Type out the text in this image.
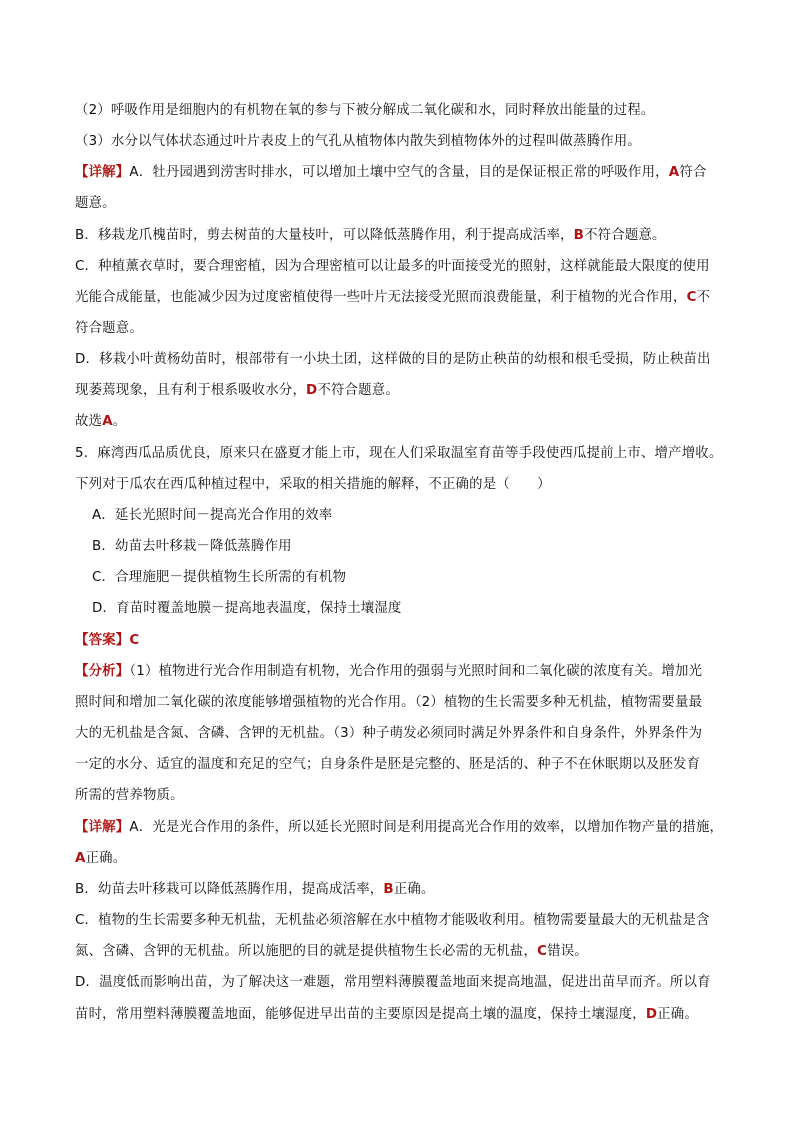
（2）呼吸作用是细胞内的有机物在氧的参与下被分解成二氧化碳和水，同时释放出能量的过程。
（3）水分以气体状态通过叶片表皮上的气孔从植物体内散失到植物体外的过程叫做蒸腾作用。
【详解】A．牡丹园遇到涝害时排水，可以增加土壤中空气的含量，目的是保证根正常的呼吸作用，A符合
题意。
B．移栽龙爪槐苗时，剪去树苗的大量枝叶，可以降低蒸腾作用，利于提高成活率，B不符合题意。
C．种植薰衣草时，要合理密植，因为合理密植可以让最多的叶面接受光的照射，这样就能最大限度的使用
光能合成能量，也能减少因为过度密植使得一些叶片无法接受光照而浪费能量，利于植物的光合作用，C不
符合题意。
D．移栽小叶黄杨幼苗时，根部带有一小块土团，这样做的目的是防止秧苗的幼根和根毛受损，防止秧苗出
现萎蔫现象，且有利于根系吸收水分，D不符合题意。
故选A。
5．麻湾西瓜品质优良，原来只在盛夏才能上市，现在人们采取温室育苗等手段使西瓜提前上市、增产增收。
下列对于瓜农在西瓜种植过程中，采取的相关措施的解释，不正确的是（　　）
A．延长光照时间－提高光合作用的效率
B．幼苗去叶移栽－降低蒸腾作用
C．合理施肥－提供植物生长所需的有机物
D．育苗时覆盖地膜－提高地表温度，保持土壤湿度
【答案】C
【分析】（1）植物进行光合作用制造有机物，光合作用的强弱与光照时间和二氧化碳的浓度有关。增加光
照时间和增加二氧化碳的浓度能够增强植物的光合作用。（2）植物的生长需要多种无机盐，植物需要量最
大的无机盐是含氮、含磷、含钾的无机盐。（3）种子萌发必须同时满足外界条件和自身条件，外界条件为
一定的水分、适宜的温度和充足的空气；自身条件是胚是完整的、胚是活的、种子不在休眠期以及胚发育
所需的营养物质。
【详解】A．光是光合作用的条件，所以延长光照时间是利用提高光合作用的效率，以增加作物产量的措施，
A正确。
B．幼苗去叶移栽可以降低蒸腾作用，提高成活率，B正确。
C．植物的生长需要多种无机盐，无机盐必须溶解在水中植物才能吸收利用。植物需要量最大的无机盐是含
氮、含磷、含钾的无机盐。所以施肥的目的就是提供植物生长必需的无机盐，C错误。
D．温度低而影响出苗，为了解决这一难题，常用塑料薄膜覆盖地面来提高地温，促进出苗早而齐。所以育
苗时，常用塑料薄膜覆盖地面，能够促进早出苗的主要原因是提高土壤的温度，保持土壤湿度，D正确。
